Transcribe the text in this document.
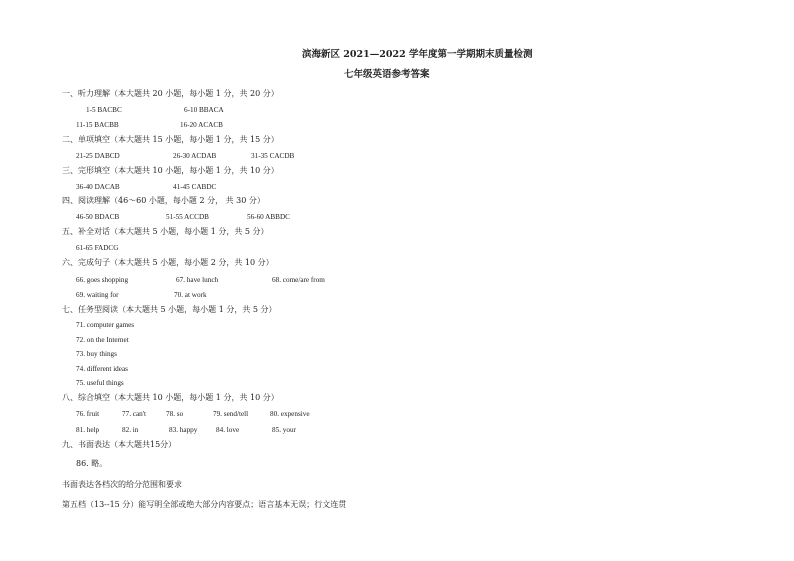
滨海新区 2021—2022 学年度第一学期期末质量检测
七年级英语参考答案
一、听力理解（本大题共 20 小题，每小题 1 分，共 20 分）
1-5 BACBC	6-10 BBACA
11-15 BACBB	16-20 ACACB
二、单项填空（本大题共 15 小题，每小题 1 分，共 15 分）
21-25 DABCD	26-30 ACDAB	31-35 CACDB
三、完形填空（本大题共 10 小题，每小题 1 分，共 10 分）
36-40 DACAB	41-45 CABDC
四、阅读理解（46～60 小题，每小题 2 分， 共 30 分）
46-50 BDACB	51-55 ACCDB	56-60 ABBDC
五、补全对话（本大题共 5 小题，每小题 1 分，共 5 分）
61-65 FADCG
六、完成句子（本大题共 5 小题，每小题 2 分，共 10 分）
66. goes shopping	67. have lunch	68. come/are from
69. waiting for	70. at work
七、任务型阅读（本大题共 5 小题，每小题 1 分，共 5 分）
71. computer games
72. on the Internet
73. buy things
74. different ideas
75. useful things
八、综合填空（本大题共 10 小题，每小题 1 分，共 10 分）
76. fruit	77. can't	78. so	79. send/tell	80. expensive
81. help	82. in	83. happy	84. love	85. your
九、书面表达（本大题共15分）
86. 略。
书面表达各档次的给分范围和要求
第五档（13--15 分）能写明全部或绝大部分内容要点；语言基本无误；行文连贯
